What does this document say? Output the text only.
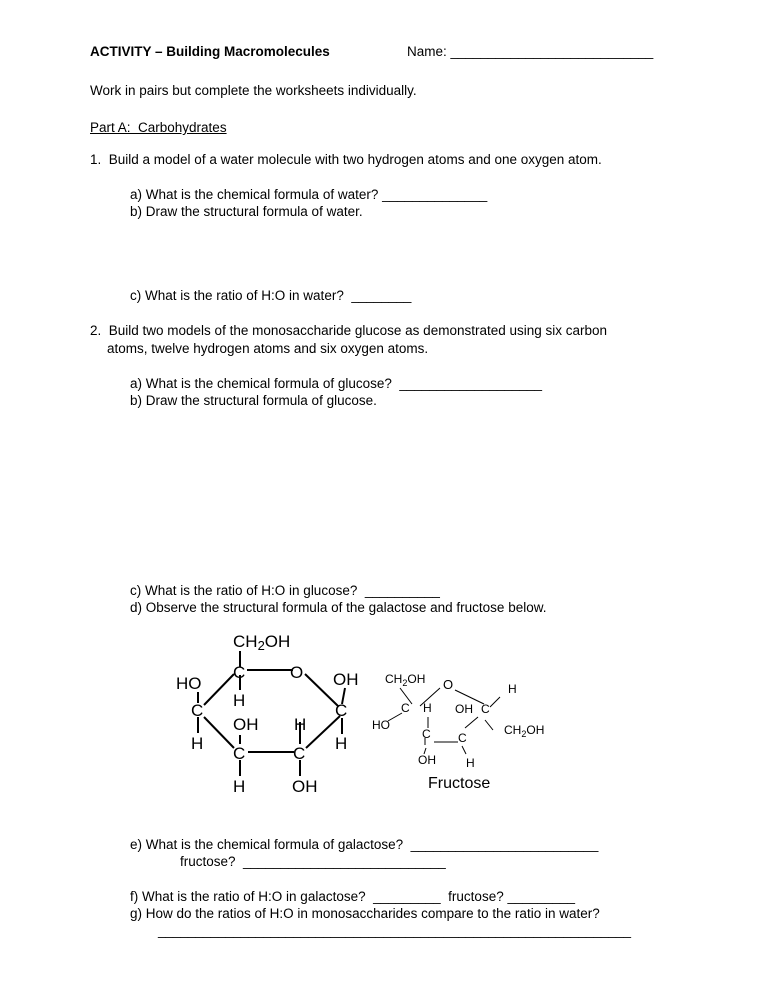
ACTIVITY – Building Macromolecules	Name: ___________________________
Work in pairs but complete the worksheets individually.
Part A:  Carbohydrates
1.  Build a model of a water molecule with two hydrogen atoms and one oxygen atom.
a) What is the chemical formula of water? ______________
b) Draw the structural formula of water.
c) What is the ratio of H:O in water?  ________
2.  Build two models of the monosaccharide glucose as demonstrated using six carbon
atoms, twelve hydrogen atoms and six oxygen atoms.
a) What is the chemical formula of glucose?  ___________________
b) Draw the structural formula of glucose.
c) What is the ratio of H:O in glucose?  __________
d) Observe the structural formula of the galactose and fructose below.
CH2OH
C	O
HO	OH
H
C	C
OH H
H	H
C	C
H	OH
$CH_2OH$ O	H
C H OH C
HO	$CH_2OH$
C C
OH	H
Fructose
e) What is the chemical formula of galactose?  _________________________
fructose?  ___________________________
f) What is the ratio of H:O in galactose?  _________  fructose? _________
g) How do the ratios of H:O in monosaccharides compare to the ratio in water?
_______________________________________________________________
